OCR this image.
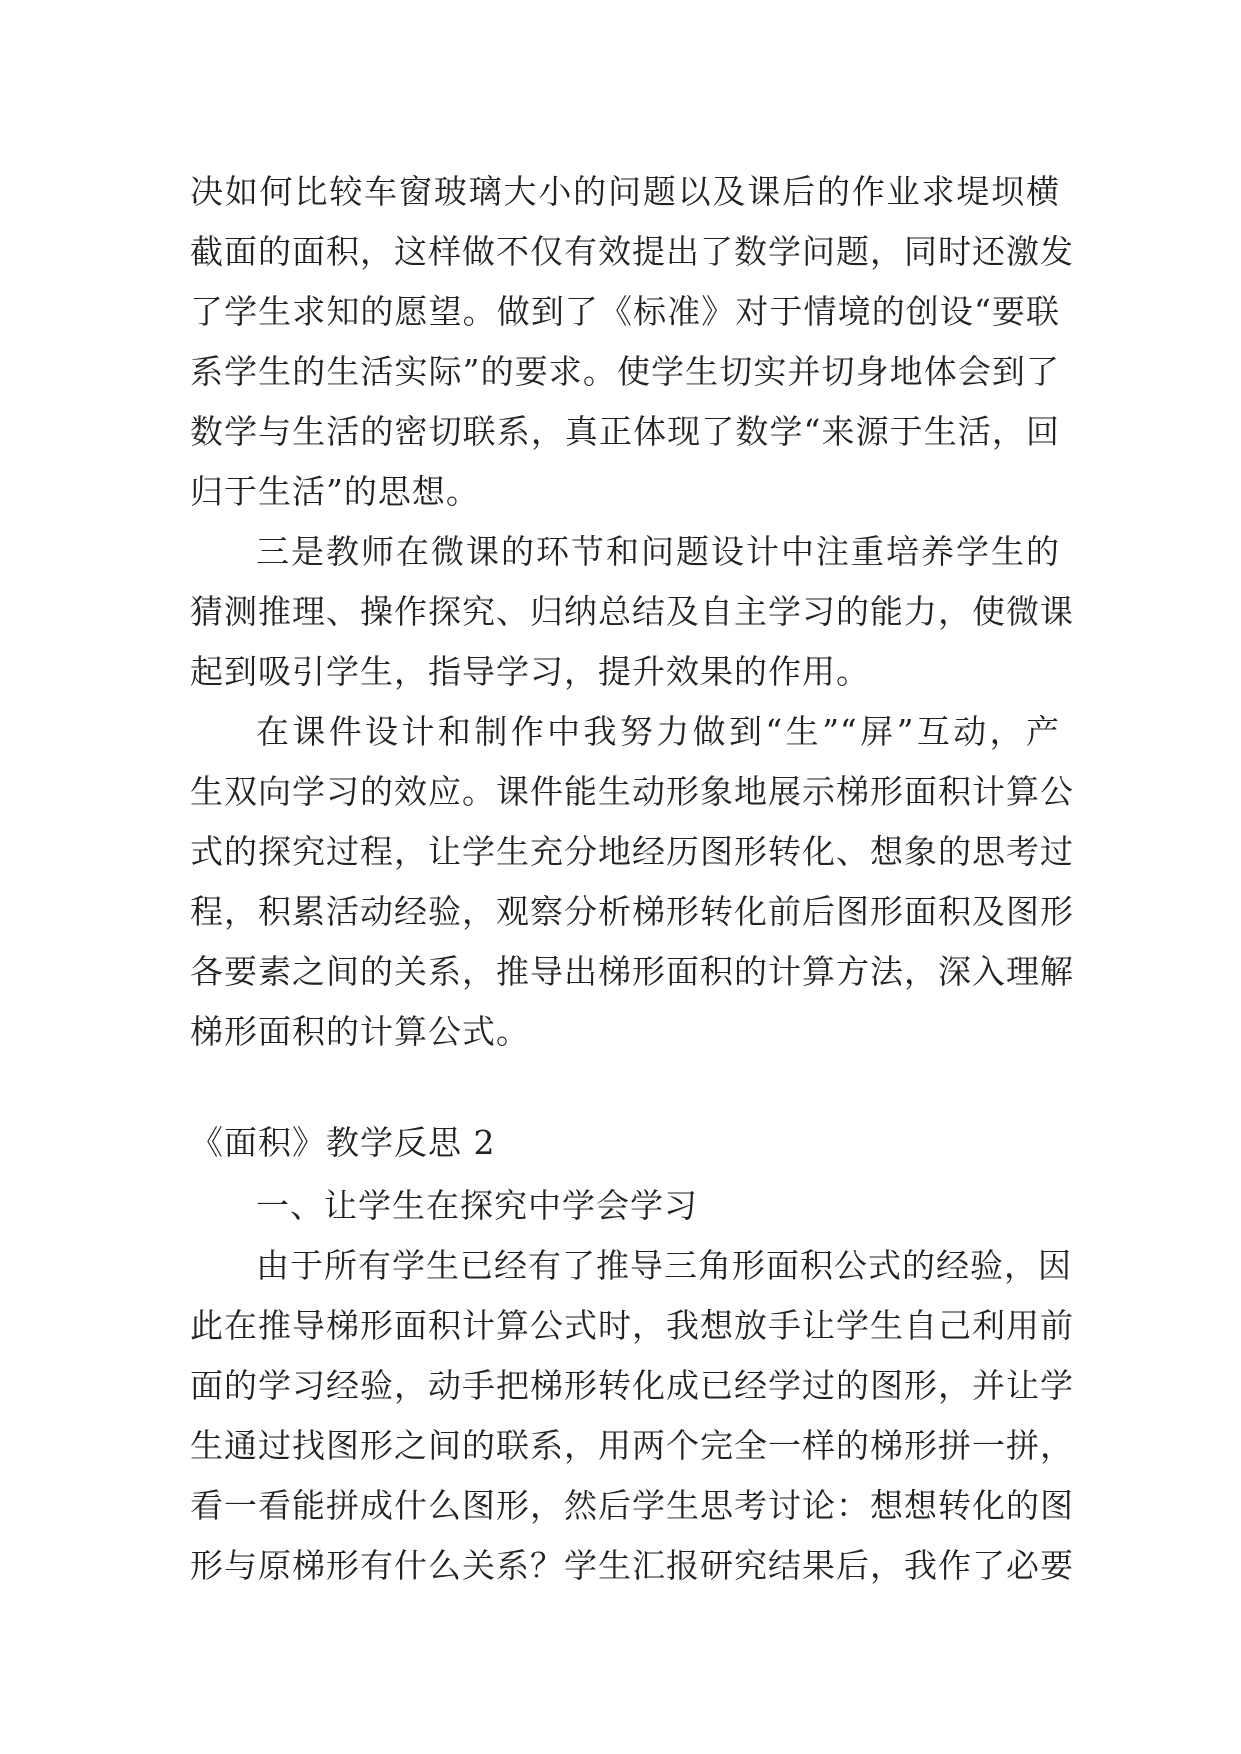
决如何比较车窗玻璃大小的问题以及课后的作业求堤坝横
截面的面积，这样做不仅有效提出了数学问题，同时还激发
了学生求知的愿望。做到了《标准》对于情境的创设“要联
系学生的生活实际”的要求。使学生切实并切身地体会到了
数学与生活的密切联系，真正体现了数学“来源于生活，回
归于生活”的思想。
三是教师在微课的环节和问题设计中注重培养学生的
猜测推理、操作探究、归纳总结及自主学习的能力，使微课
起到吸引学生，指导学习，提升效果的作用。
在课件设计和制作中我努力做到“生”“屏”互动，产
生双向学习的效应。课件能生动形象地展示梯形面积计算公
式的探究过程，让学生充分地经历图形转化、想象的思考过
程，积累活动经验，观察分析梯形转化前后图形面积及图形
各要素之间的关系，推导出梯形面积的计算方法，深入理解
梯形面积的计算公式。
《面积》教学反思 2
一、让学生在探究中学会学习
由于所有学生已经有了推导三角形面积公式的经验，因
此在推导梯形面积计算公式时，我想放手让学生自己利用前
面的学习经验，动手把梯形转化成已经学过的图形，并让学
生通过找图形之间的联系，用两个完全一样的梯形拼一拼，
看一看能拼成什么图形，然后学生思考讨论：想想转化的图
形与原梯形有什么关系？学生汇报研究结果后，我作了必要
